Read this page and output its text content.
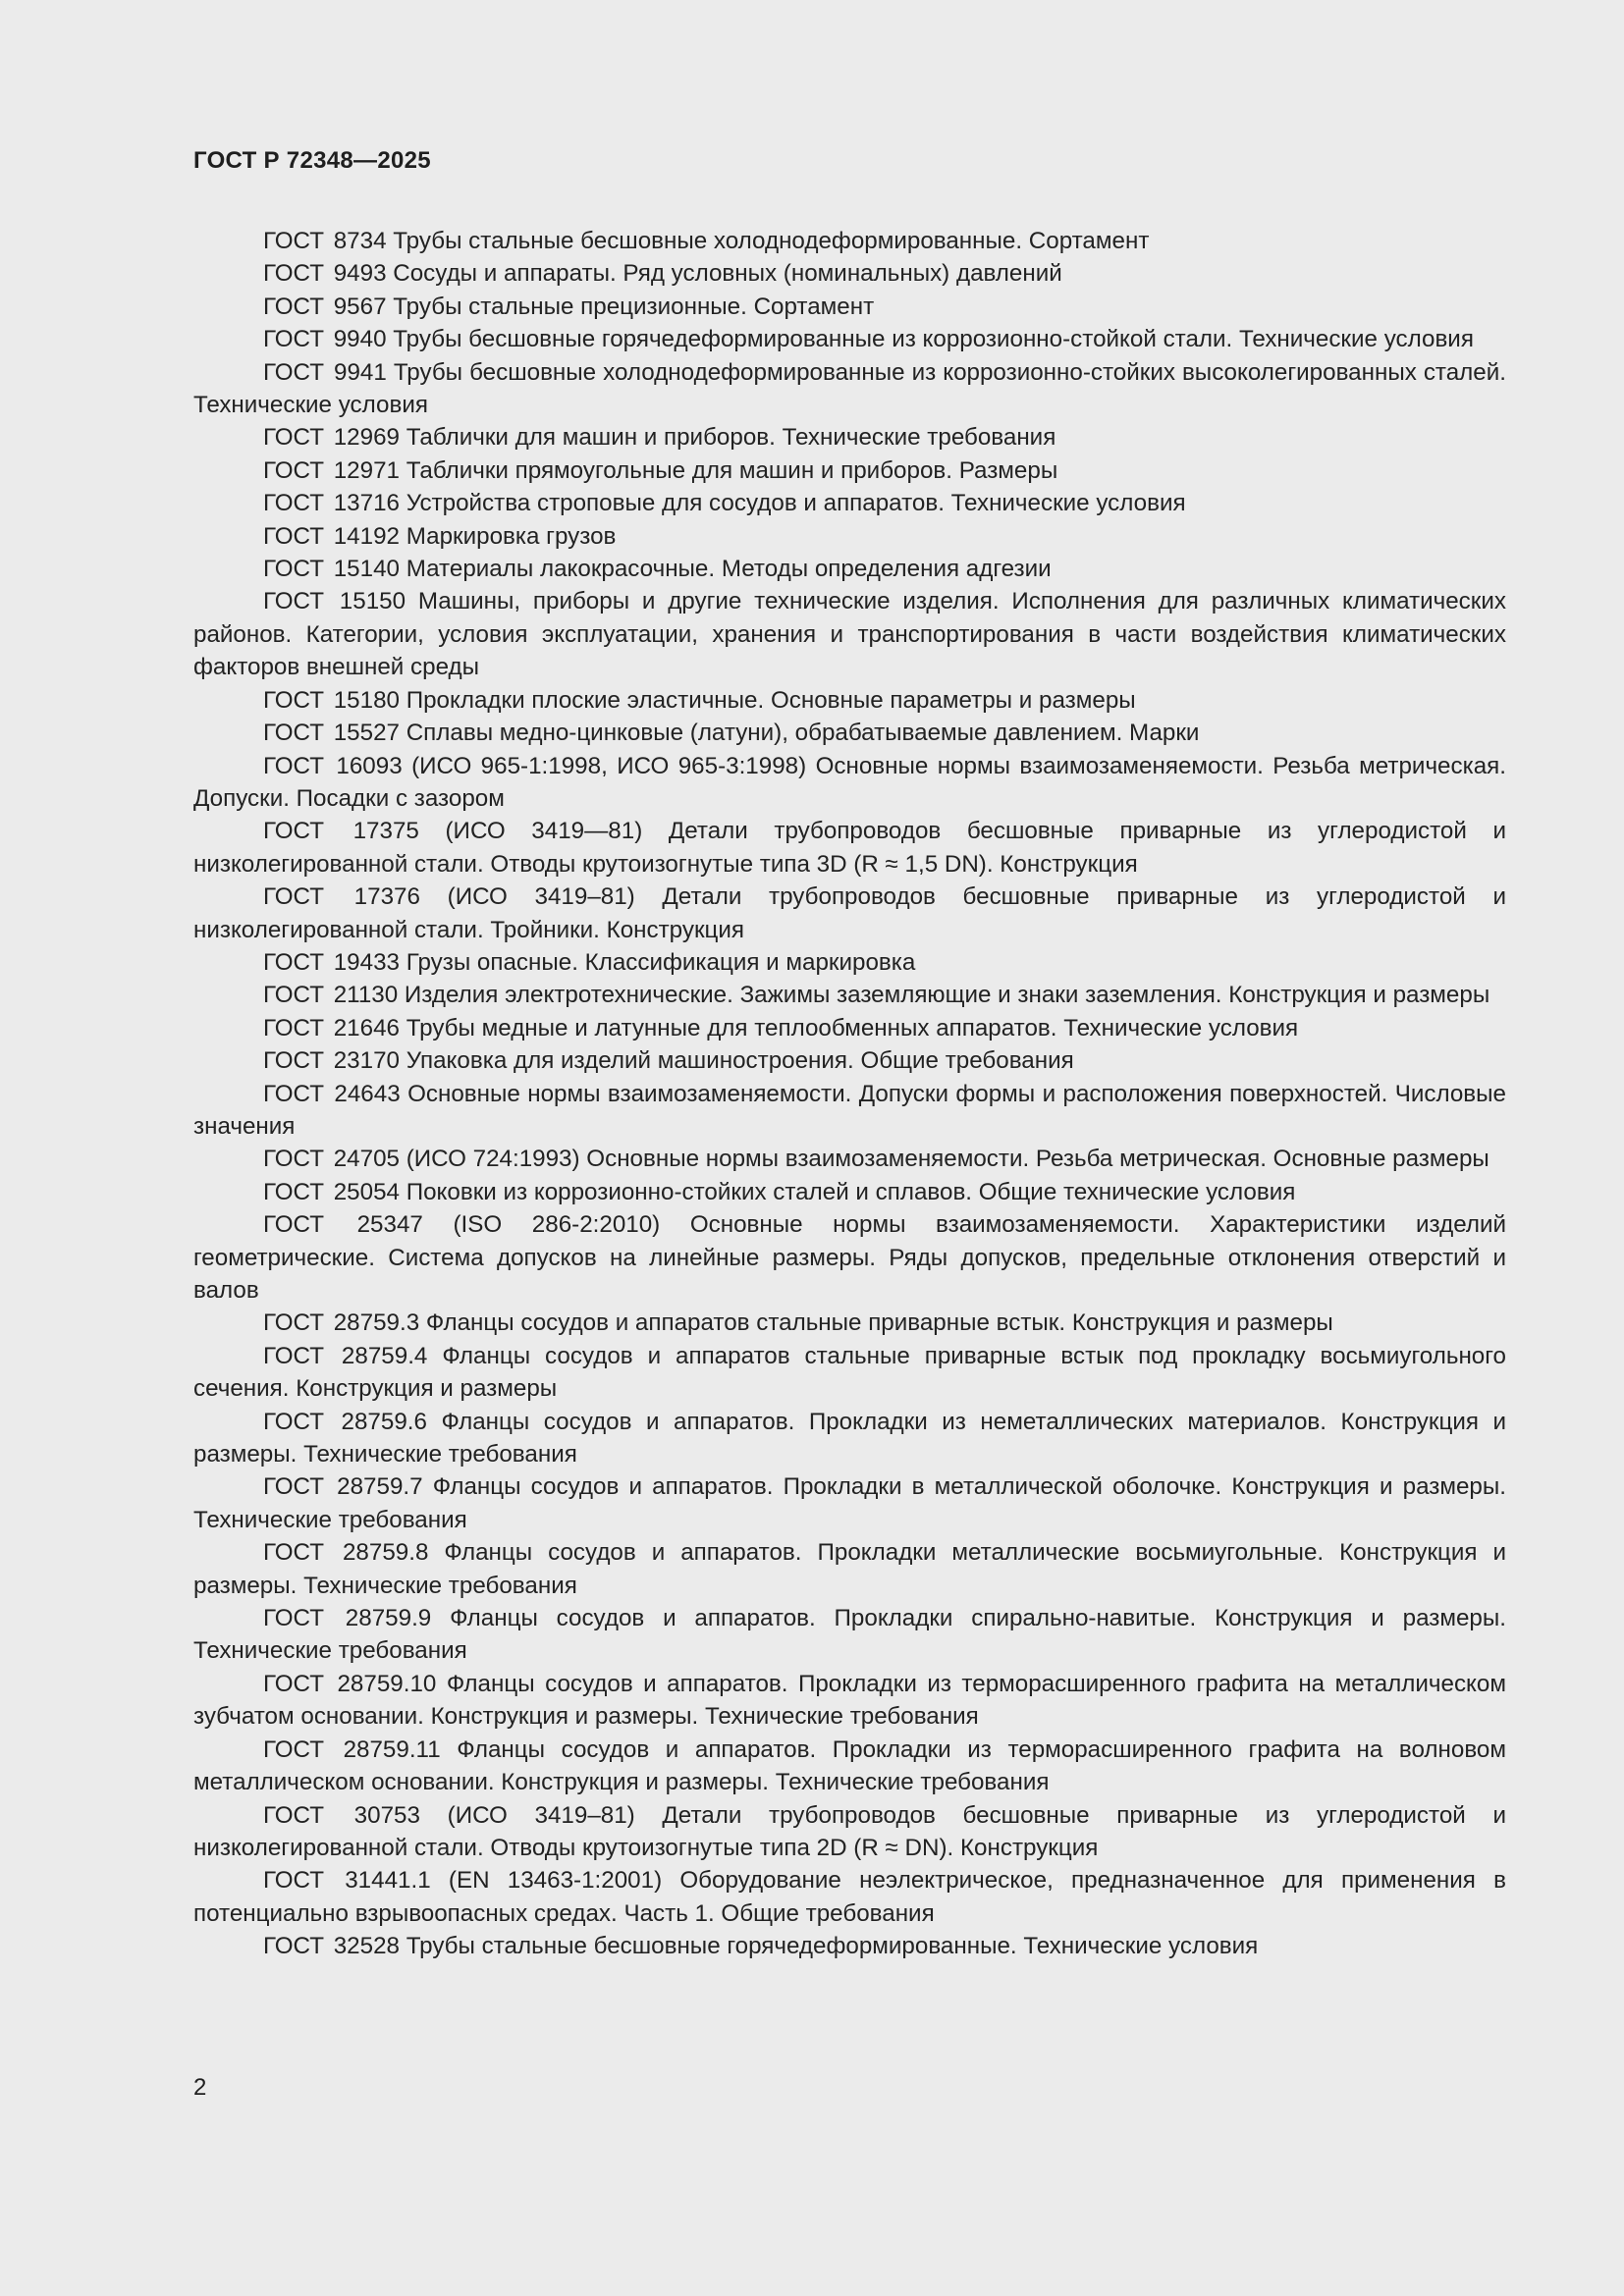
ГОСТ Р 72348—2025

ГОСТ 8734 Трубы стальные бесшовные холоднодеформированные. Сортамент

ГОСТ 9493 Сосуды и аппараты. Ряд условных (номинальных) давлений

ГОСТ 9567 Трубы стальные прецизионные. Сортамент

ГОСТ 9940 Трубы бесшовные горячедеформированные из коррозионно-стойкой стали. Технические условия

ГОСТ 9941 Трубы бесшовные холоднодеформированные из коррозионно-стойких высоколегированных сталей. Технические условия

ГОСТ 12969 Таблички для машин и приборов. Технические требования

ГОСТ 12971 Таблички прямоугольные для машин и приборов. Размеры

ГОСТ 13716 Устройства строповые для сосудов и аппаратов. Технические условия

ГОСТ 14192 Маркировка грузов

ГОСТ 15140 Материалы лакокрасочные. Методы определения адгезии

ГОСТ 15150 Машины, приборы и другие технические изделия. Исполнения для различных климатических районов. Категории, условия эксплуатации, хранения и транспортирования в части воздействия климатических факторов внешней среды

ГОСТ 15180 Прокладки плоские эластичные. Основные параметры и размеры

ГОСТ 15527 Сплавы медно-цинковые (латуни), обрабатываемые давлением. Марки

ГОСТ 16093 (ИСО 965-1:1998, ИСО 965-3:1998) Основные нормы взаимозаменяемости. Резьба метрическая. Допуски. Посадки с зазором

ГОСТ 17375 (ИСО 3419—81) Детали трубопроводов бесшовные приварные из углеродистой и низколегированной стали. Отводы крутоизогнутые типа 3D (R ≈ 1,5 DN). Конструкция

ГОСТ 17376 (ИСО 3419–81) Детали трубопроводов бесшовные приварные из углеродистой и низколегированной стали. Тройники. Конструкция

ГОСТ 19433 Грузы опасные. Классификация и маркировка

ГОСТ 21130 Изделия электротехнические. Зажимы заземляющие и знаки заземления. Конструкция и размеры

ГОСТ 21646 Трубы медные и латунные для теплообменных аппаратов. Технические условия

ГОСТ 23170 Упаковка для изделий машиностроения. Общие требования

ГОСТ 24643 Основные нормы взаимозаменяемости. Допуски формы и расположения поверхностей. Числовые значения

ГОСТ 24705 (ИСО 724:1993) Основные нормы взаимозаменяемости. Резьба метрическая. Основные размеры

ГОСТ 25054 Поковки из коррозионно-стойких сталей и сплавов. Общие технические условия

ГОСТ 25347 (ISO 286-2:2010) Основные нормы взаимозаменяемости. Характеристики изделий геометрические. Система допусков на линейные размеры. Ряды допусков, предельные отклонения отверстий и валов

ГОСТ 28759.3 Фланцы сосудов и аппаратов стальные приварные встык. Конструкция и размеры

ГОСТ 28759.4 Фланцы сосудов и аппаратов стальные приварные встык под прокладку восьмиугольного сечения. Конструкция и размеры

ГОСТ 28759.6 Фланцы сосудов и аппаратов. Прокладки из неметаллических материалов. Конструкция и размеры. Технические требования

ГОСТ 28759.7 Фланцы сосудов и аппаратов. Прокладки в металлической оболочке. Конструкция и размеры. Технические требования

ГОСТ 28759.8 Фланцы сосудов и аппаратов. Прокладки металлические восьмиугольные. Конструкция и размеры. Технические требования

ГОСТ 28759.9 Фланцы сосудов и аппаратов. Прокладки спирально-навитые. Конструкция и размеры. Технические требования

ГОСТ 28759.10 Фланцы сосудов и аппаратов. Прокладки из терморасширенного графита на металлическом зубчатом основании. Конструкция и размеры. Технические требования

ГОСТ 28759.11 Фланцы сосудов и аппаратов. Прокладки из терморасширенного графита на волновом металлическом основании. Конструкция и размеры. Технические требования

ГОСТ 30753 (ИСО 3419–81) Детали трубопроводов бесшовные приварные из углеродистой и низколегированной стали. Отводы крутоизогнутые типа 2D (R ≈ DN). Конструкция

ГОСТ 31441.1 (EN 13463-1:2001) Оборудование неэлектрическое, предназначенное для применения в потенциально взрывоопасных средах. Часть 1. Общие требования

ГОСТ 32528 Трубы стальные бесшовные горячедеформированные. Технические условия

2
